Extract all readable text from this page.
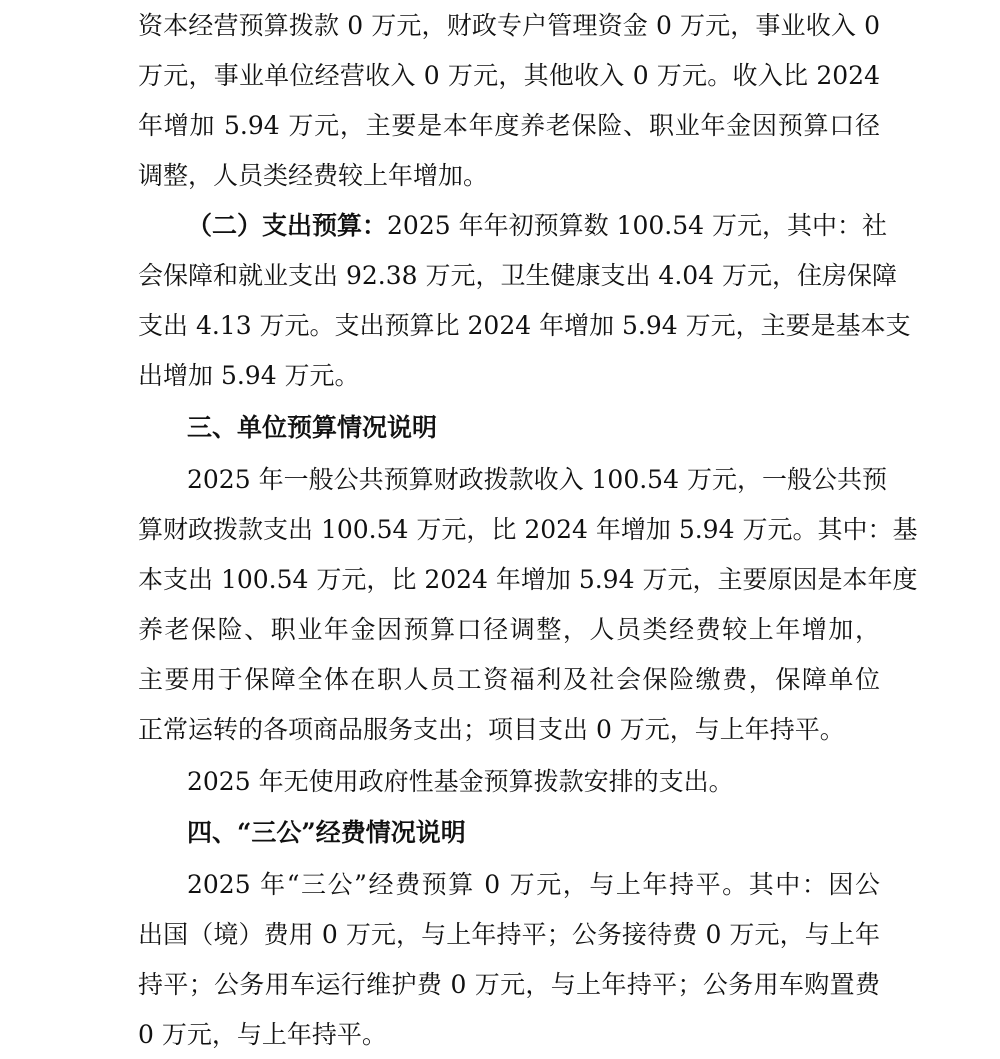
资本经营预算拨款 0 万元，财政专户管理资金 0 万元，事业收入 0
万元，事业单位经营收入 0 万元，其他收入 0 万元。收入比 2024
年增加 5.94 万元，主要是本年度养老保险、职业年金因预算口径
调整，人员类经费较上年增加。
（二）支出预算：2025 年年初预算数 100.54 万元，其中：社
会保障和就业支出 92.38 万元，卫生健康支出 4.04 万元，住房保障
支出 4.13 万元。支出预算比 2024 年增加 5.94 万元，主要是基本支
出增加 5.94 万元。
三、单位预算情况说明
2025 年一般公共预算财政拨款收入 100.54 万元，一般公共预
算财政拨款支出 100.54 万元，比 2024 年增加 5.94 万元。其中：基
本支出 100.54 万元，比 2024 年增加 5.94 万元，主要原因是本年度
养老保险、职业年金因预算口径调整，人员类经费较上年增加，
主要用于保障全体在职人员工资福利及社会保险缴费，保障单位
正常运转的各项商品服务支出；项目支出 0 万元，与上年持平。
2025 年无使用政府性基金预算拨款安排的支出。
四、“三公”经费情况说明
2025 年“三公”经费预算 0 万元，与上年持平。其中：因公
出国（境）费用 0 万元，与上年持平；公务接待费 0 万元，与上年
持平；公务用车运行维护费 0 万元，与上年持平；公务用车购置费
0 万元，与上年持平。
